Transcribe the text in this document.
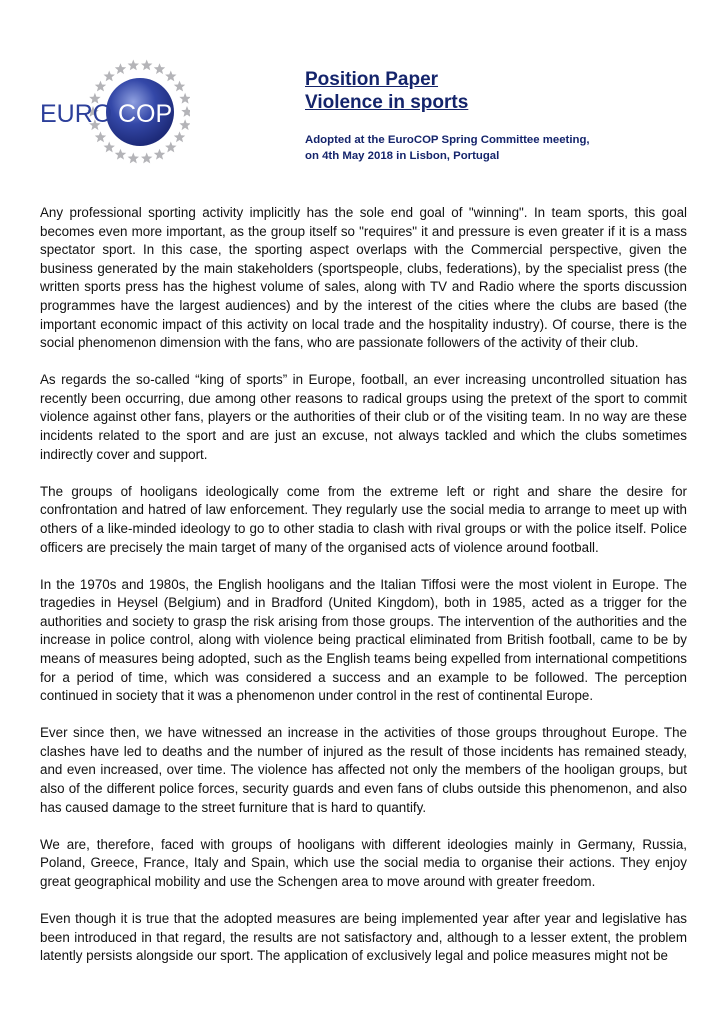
EURO COP

Position Paper

Violence in sports

Adopted at the EuroCOP Spring Committee meeting,
on 4th May 2018 in Lisbon, Portugal

Any professional sporting activity implicitly has the sole end goal of "winning". In team sports, this goal becomes even more important, as the group itself so "requires" it and pressure is even greater if it is a mass spectator sport. In this case, the sporting aspect overlaps with the Commercial perspective, given the business generated by the main stakeholders (sportspeople, clubs, federations), by the specialist press (the written sports press has the highest volume of sales, along with TV and Radio where the sports discussion programmes have the largest audiences) and by the interest of the cities where the clubs are based (the important economic impact of this activity on local trade and the hospitality industry). Of course, there is the social phenomenon dimension with the fans, who are passionate followers of the activity of their club.

As regards the so-called “king of sports” in Europe, football, an ever increasing uncontrolled situation has recently been occurring, due among other reasons to radical groups using the pretext of the sport to commit violence against other fans, players or the authorities of their club or of the visiting team. In no way are these incidents related to the sport and are just an excuse, not always tackled and which the clubs sometimes indirectly cover and support.

The groups of hooligans ideologically come from the extreme left or right and share the desire for confrontation and hatred of law enforcement. They regularly use the social media to arrange to meet up with others of a like-minded ideology to go to other stadia to clash with rival groups or with the police itself. Police officers are precisely the main target of many of the organised acts of violence around football.

In the 1970s and 1980s, the English hooligans and the Italian Tiffosi were the most violent in Europe. The tragedies in Heysel (Belgium) and in Bradford (United Kingdom), both in 1985, acted as a trigger for the authorities and society to grasp the risk arising from those groups. The intervention of the authorities and the increase in police control, along with violence being practical eliminated from British football, came to be by means of measures being adopted, such as the English teams being expelled from international competitions for a period of time, which was considered a success and an example to be followed. The perception continued in society that it was a phenomenon under control in the rest of continental Europe.

Ever since then, we have witnessed an increase in the activities of those groups throughout Europe. The clashes have led to deaths and the number of injured as the result of those incidents has remained steady, and even increased, over time. The violence has affected not only the members of the hooligan groups, but also of the different police forces, security guards and even fans of clubs outside this phenomenon, and also has caused damage to the street furniture that is hard to quantify.

We are, therefore, faced with groups of hooligans with different ideologies mainly in Germany, Russia, Poland, Greece, France, Italy and Spain, which use the social media to organise their actions. They enjoy great geographical mobility and use the Schengen area to move around with greater freedom.

Even though it is true that the adopted measures are being implemented year after year and legislative has been introduced in that regard, the results are not satisfactory and, although to a lesser extent, the problem latently persists alongside our sport. The application of exclusively legal and police measures might not be
